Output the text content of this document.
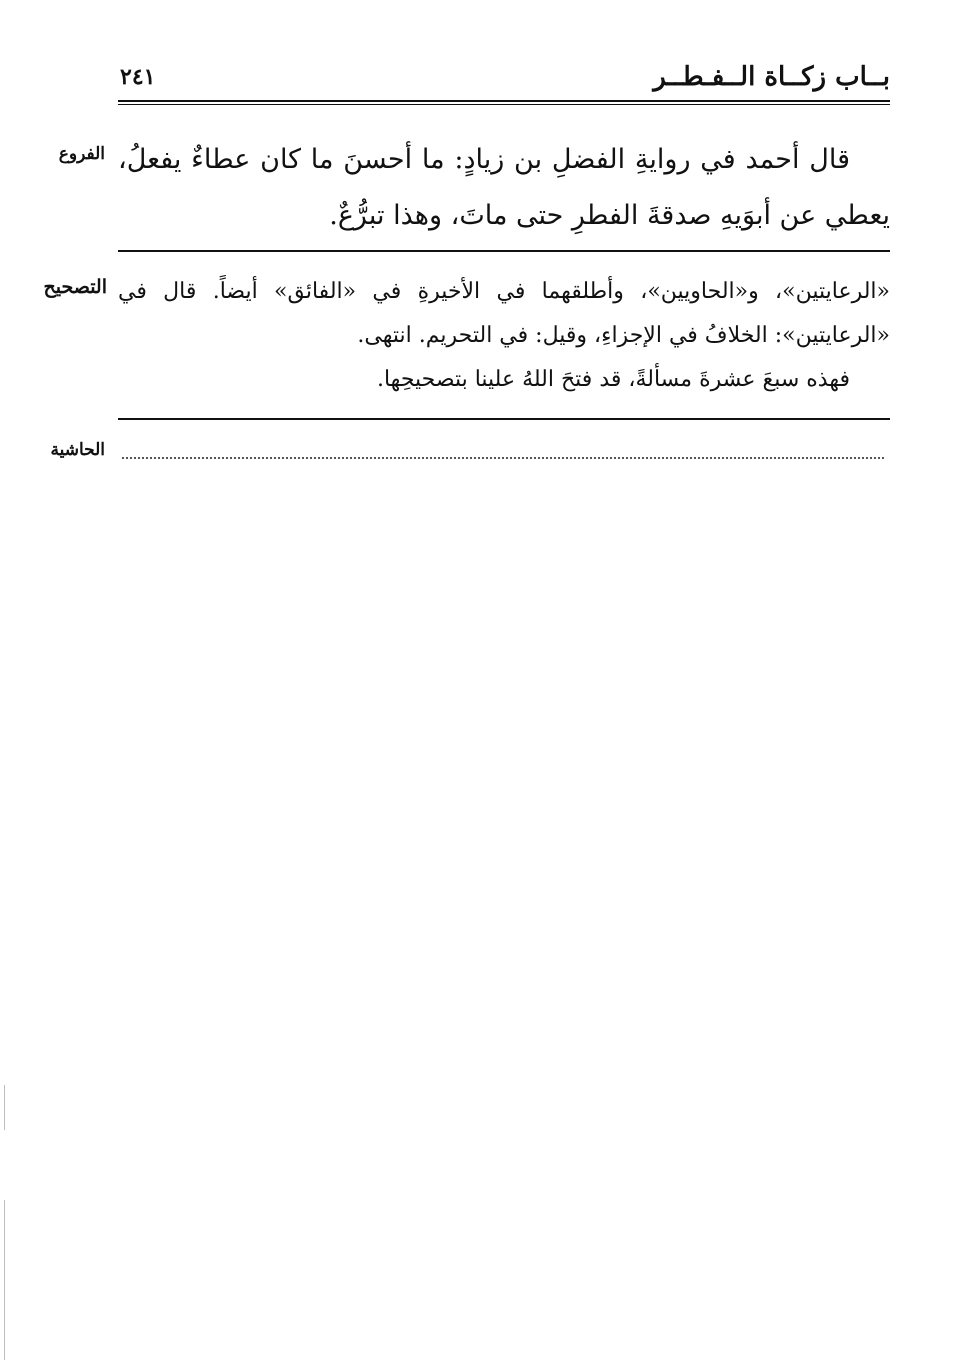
بــاب زكــاة الــفـطــر
٢٤١
الفروع قال أحمد في روايةِ الفضلِ بن زيادٍ: ما أحسنَ ما كان عطاءٌ يفعلُ، يعطي عن أبوَيهِ صدقةَ الفطرِ حتى ماتَ، وهذا تبرُّعٌ.

التصحيح «الرعايتين»، و«الحاويين»، وأطلقهما في الأخيرةِ في «الفائق» أيضاً. قال في «الرعايتين»: الخلافُ في الإجزاءِ، وقيل: في التحريم. انتهى.

فهذه سبعَ عشرةَ مسألةً، قد فتحَ اللهُ علينا بتصحيحِها.

الحاشية
